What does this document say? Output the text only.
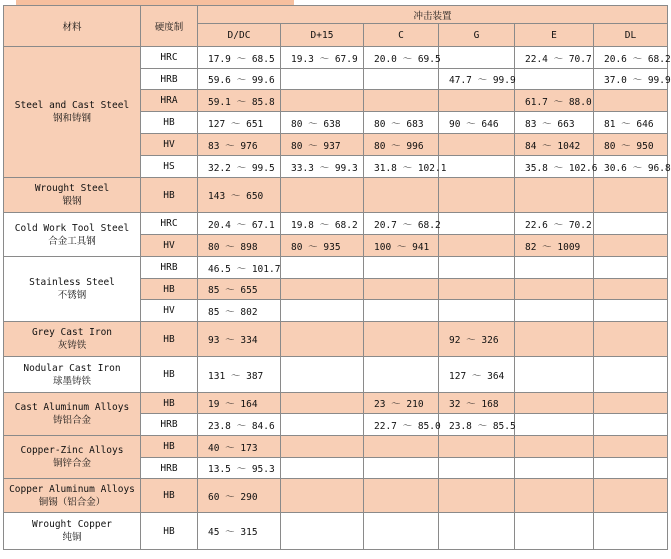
材料	硬度制	冲击装置					
		D/DC	D+15	C	G	E	DL

Steel and Cast Steel
钢和铸钢	HRC	17.9 ～ 68.5	19.3 ～ 67.9	20.0 ～ 69.5		22.4 ～ 70.7	20.6 ～ 68.2
	HRB	59.6 ～ 99.6			47.7 ～ 99.9		37.0 ～ 99.9
	HRA	59.1 ～ 85.8				61.7 ～ 88.0	
	HB	127 ～ 651	80 ～ 638	80 ～ 683	90 ～ 646	83 ～ 663	81 ～ 646
	HV	83 ～ 976	80 ～ 937	80 ～ 996		84 ～ 1042	80 ～ 950
	HS	32.2 ～ 99.5	33.3 ～ 99.3	31.8 ～ 102.1		35.8 ～ 102.6	30.6 ～ 96.8

Wrought Steel
锻钢	HB	143 ～ 650					

Cold Work Tool Steel
合金工具钢	HRC	20.4 ～ 67.1	19.8 ～ 68.2	20.7 ～ 68.2		22.6 ～ 70.2	
	HV	80 ～ 898	80 ～ 935	100 ～ 941		82 ～ 1009	

Stainless Steel
不锈钢	HRB	46.5 ～ 101.7					
	HB	85 ～ 655					
	HV	85 ～ 802					

Grey Cast Iron
灰铸铁	HB	93 ～ 334			92 ～ 326		

Nodular Cast Iron
球墨铸铁	HB	131 ～ 387			127 ～ 364		

Cast Aluminum Alloys
铸铝合金	HB	19 ～ 164		23 ～ 210	32 ～ 168		
	HRB	23.8 ～ 84.6		22.7 ～ 85.0	23.8 ～ 85.5		

Copper-Zinc Alloys
铜锌合金	HB	40 ～ 173					
	HRB	13.5 ～ 95.3					

Copper Aluminum Alloys
铜锡（铝合金）	HB	60 ～ 290					

Wrought Copper
纯铜	HB	45 ～ 315					
